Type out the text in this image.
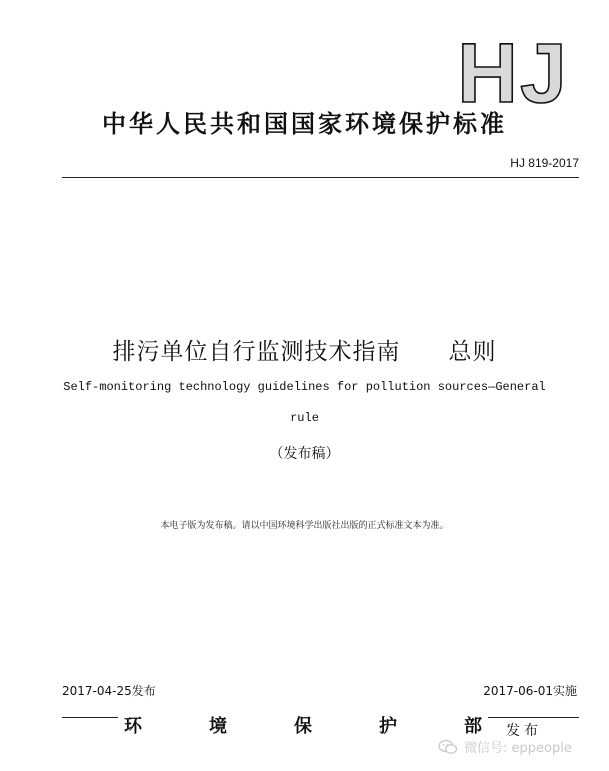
HJ
中华人民共和国国家环境保护标准
HJ 819-2017
排污单位自行监测技术指南　　总则
Self-monitoring technology guidelines for pollution sources—General
rule
（发布稿）
本电子版为发布稿。请以中国环境科学出版社出版的正式标准文本为准。
2017-04-25发布	2017-06-01实施
环	境	保	护	部 发布
微信号: eppeople
